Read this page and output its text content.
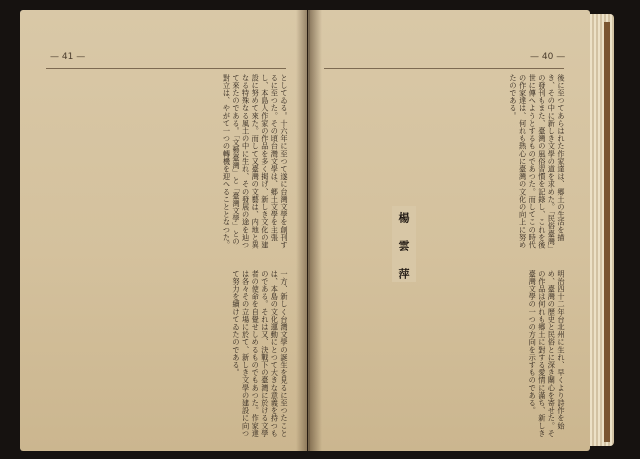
— 41 —	— 40 —
としてゐる。十六年に至つて遂に台灣文學を創刊するに至つた。その頃台灣文學は、郷土文學を主張し、本島人作家の作品を多く掲げ、新しき文化の建設に努めて來た。而して又臺灣の文藝は、内地と異なる特殊なる風土の中に生れ、その發展の途を辿つて來たのである。「文藝臺灣」と「臺灣文學」との對立は、やがて一つの轉機を迎へることとなつた。
一方、新しく台灣文學の誕生を見るに至つたことは、本島の文化運動にとつて大きな意義を持つものである。それは又、決戰下の臺灣に於ける文學者の使命を自覺せしめるものでもあつた。作家達は各々その立場に於て、新しき文學の建設に向つて努力を續けてゐたのである。
後に至つてあらはれた作家達は、郷土の生活を描き、その中に新しき文學の道を求めた。「民俗臺灣」の發刊もまた、臺灣の風俗習慣を記錄し、これを後世に傳へようとするものであつた。而してこの時代の作家達は、何れも熱心に臺灣の文化の向上に努めたのである。
明治四十二年台北州に生れ、早くより詩作を始め、臺灣の歷史と民俗とに深き關心を寄せた。その作品は何れも郷土に對する愛情に滿ち、新しき臺灣文學の一つの方向を示すものである。
楊 雲 萍
